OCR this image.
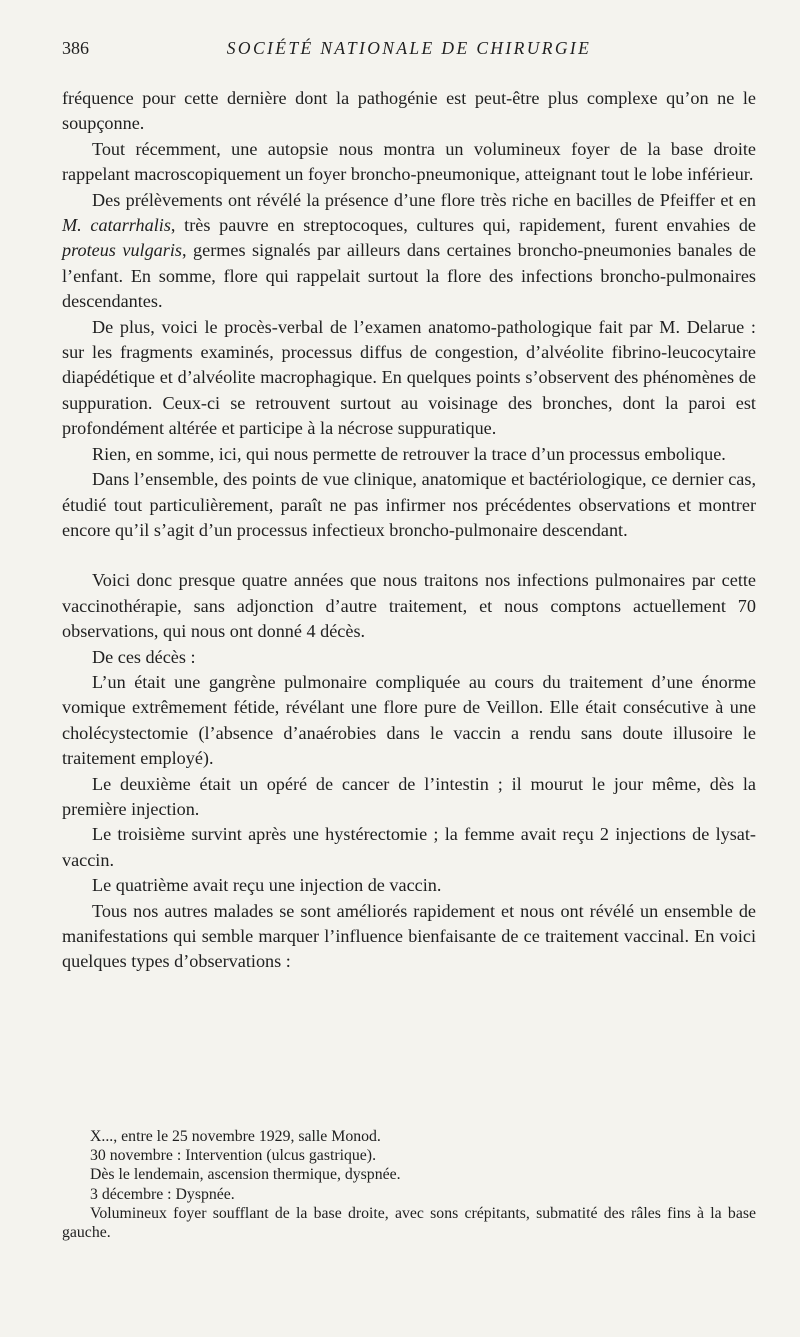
386	SOCIÉTÉ NATIONALE DE CHIRURGIE

fréquence pour cette dernière dont la pathogénie est peut-être plus complexe qu’on ne le soupçonne.

Tout récemment, une autopsie nous montra un volumineux foyer de la base droite rappelant macroscopiquement un foyer broncho-pneumonique, atteignant tout le lobe inférieur.

Des prélèvements ont révélé la présence d’une flore très riche en bacilles de Pfeiffer et en M. catarrhalis, très pauvre en streptocoques, cultures qui, rapidement, furent envahies de proteus vulgaris, germes signalés par ailleurs dans certaines broncho-pneumonies banales de l’enfant. En somme, flore qui rappelait surtout la flore des infections broncho-pulmonaires descendantes.

De plus, voici le procès-verbal de l’examen anatomo-pathologique fait par M. Delarue : sur les fragments examinés, processus diffus de congestion, d’alvéolite fibrino-leucocytaire diapédétique et d’alvéolite macrophagique. En quelques points s’observent des phénomènes de suppuration. Ceux-ci se retrouvent surtout au voisinage des bronches, dont la paroi est profondément altérée et participe à la nécrose suppuratique.

Rien, en somme, ici, qui nous permette de retrouver la trace d’un processus embolique.

Dans l’ensemble, des points de vue clinique, anatomique et bactériologique, ce dernier cas, étudié tout particulièrement, paraît ne pas infirmer nos précédentes observations et montrer encore qu’il s’agit d’un processus infectieux broncho-pulmonaire descendant.

Voici donc presque quatre années que nous traitons nos infections pulmonaires par cette vaccinothérapie, sans adjonction d’autre traitement, et nous comptons actuellement 70 observations, qui nous ont donné 4 décès.

De ces décès :

L’un était une gangrène pulmonaire compliquée au cours du traitement d’une énorme vomique extrêmement fétide, révélant une flore pure de Veillon. Elle était consécutive à une cholécystectomie (l’absence d’anaérobies dans le vaccin a rendu sans doute illusoire le traitement employé).

Le deuxième était un opéré de cancer de l’intestin ; il mourut le jour même, dès la première injection.

Le troisième survint après une hystérectomie ; la femme avait reçu 2 injections de lysat-vaccin.

Le quatrième avait reçu une injection de vaccin.

Tous nos autres malades se sont améliorés rapidement et nous ont révélé un ensemble de manifestations qui semble marquer l’influence bienfaisante de ce traitement vaccinal. En voici quelques types d’observations :

X..., entre le 25 novembre 1929, salle Monod.

30 novembre : Intervention (ulcus gastrique).

Dès le lendemain, ascension thermique, dyspnée.

3 décembre : Dyspnée.

Volumineux foyer soufflant de la base droite, avec sons crépitants, submatité des râles fins à la base gauche.
